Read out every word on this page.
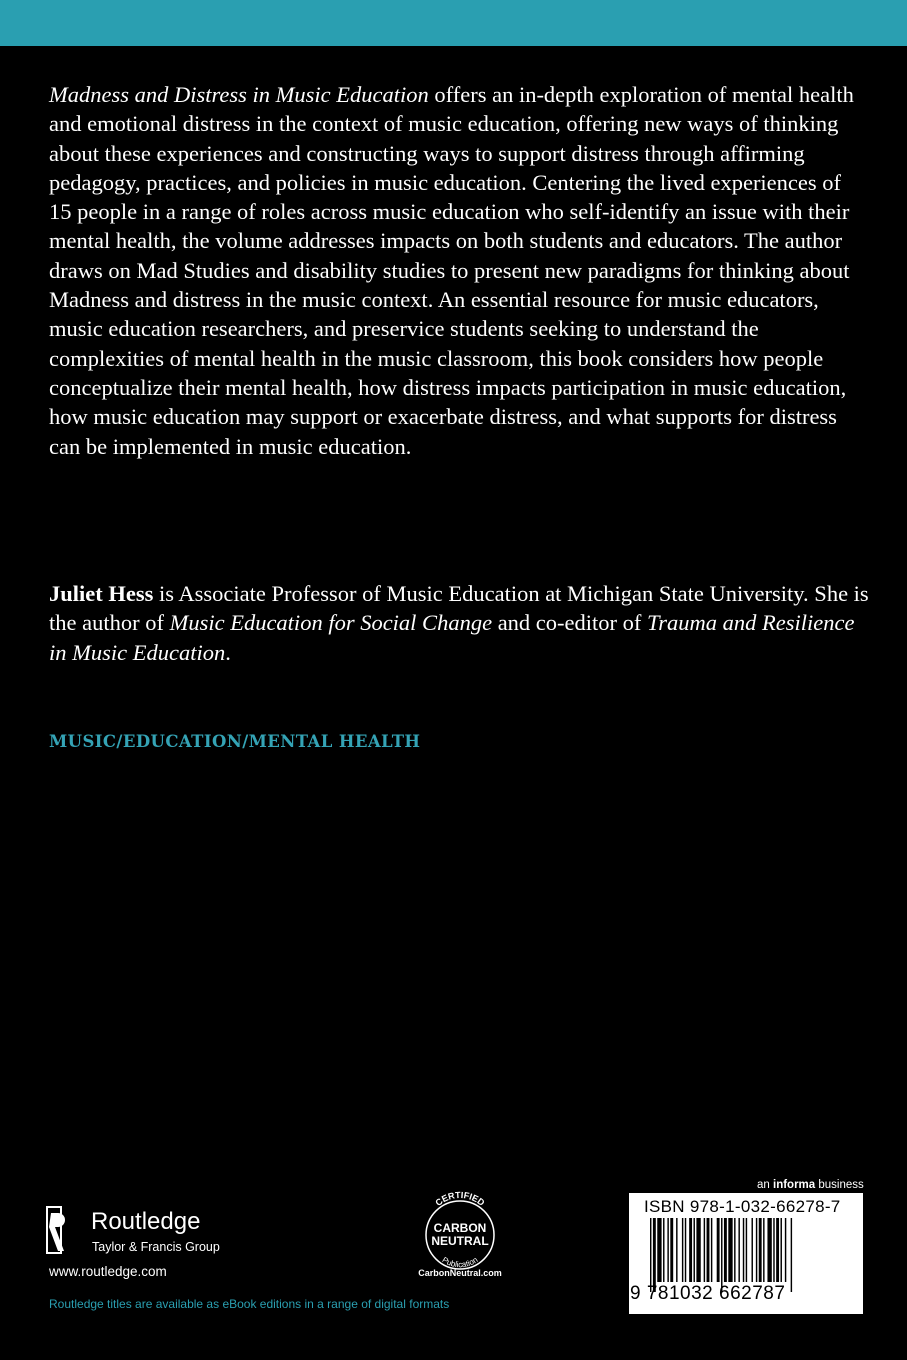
Madness and Distress in Music Education offers an in-depth exploration of mental health and emotional distress in the context of music education, offering new ways of thinking about these experiences and constructing ways to support distress through affirming pedagogy, practices, and policies in music education. Centering the lived experiences of 15 people in a range of roles across music education who self-identify an issue with their mental health, the volume addresses impacts on both students and educators. The author draws on Mad Studies and disability studies to present new paradigms for thinking about Madness and distress in the music context. An essential resource for music educators, music education researchers, and preservice students seeking to understand the complexities of mental health in the music classroom, this book considers how people conceptualize their mental health, how distress impacts participation in music education, how music education may support or exacerbate distress, and what supports for distress can be implemented in music education.

Juliet Hess is Associate Professor of Music Education at Michigan State University. She is the author of Music Education for Social Change and co-editor of Trauma and Resilience in Music Education.

MUSIC/EDUCATION/MENTAL HEALTH
Routledge
Taylor & Francis Group
www.routledge.com
Routledge titles are available as eBook editions in a range of digital formats
CERTIFIED
CARBON
NEUTRAL
Publication
CarbonNeutral.com
an informa business
ISBN 978-1-032-66278-7
9 781032 662787
